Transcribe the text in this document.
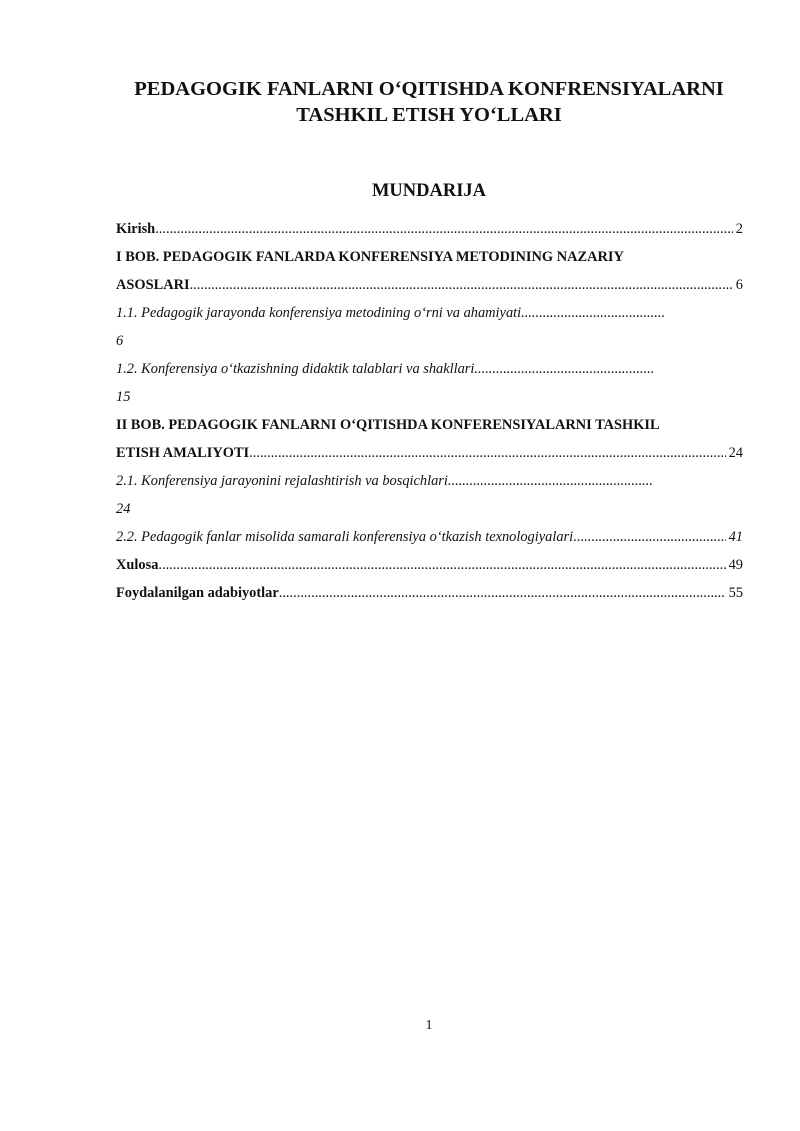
PEDAGOGIK FANLARNI O‘QITISHDA KONFRENSIYALARNI
TASHKIL ETISH YO‘LLARI
MUNDARIJA
Kirish .....	2
I BOB. PEDAGOGIK FANLARDA KONFERENSIYA METODINING NAZARIY
ASOSLARI .....	6
1.1. Pedagogik jarayonda konferensiya metodining o‘rni va ahamiyati........................................
6
1.2. Konferensiya o‘tkazishning didaktik talablari va shakllari..................................................
15
II BOB. PEDAGOGIK FANLARNI O‘QITISHDA KONFERENSIYALARNI TASHKIL
ETISH AMALIYOTI .....	24
2.1. Konferensiya jarayonini rejalashtirish va bosqichlari.........................................................
24
2.2. Pedagogik fanlar misolida samarali konferensiya o‘tkazish texnologiyalari .....	41
Xulosa .....	49
Foydalanilgan adabiyotlar .....	55
1
